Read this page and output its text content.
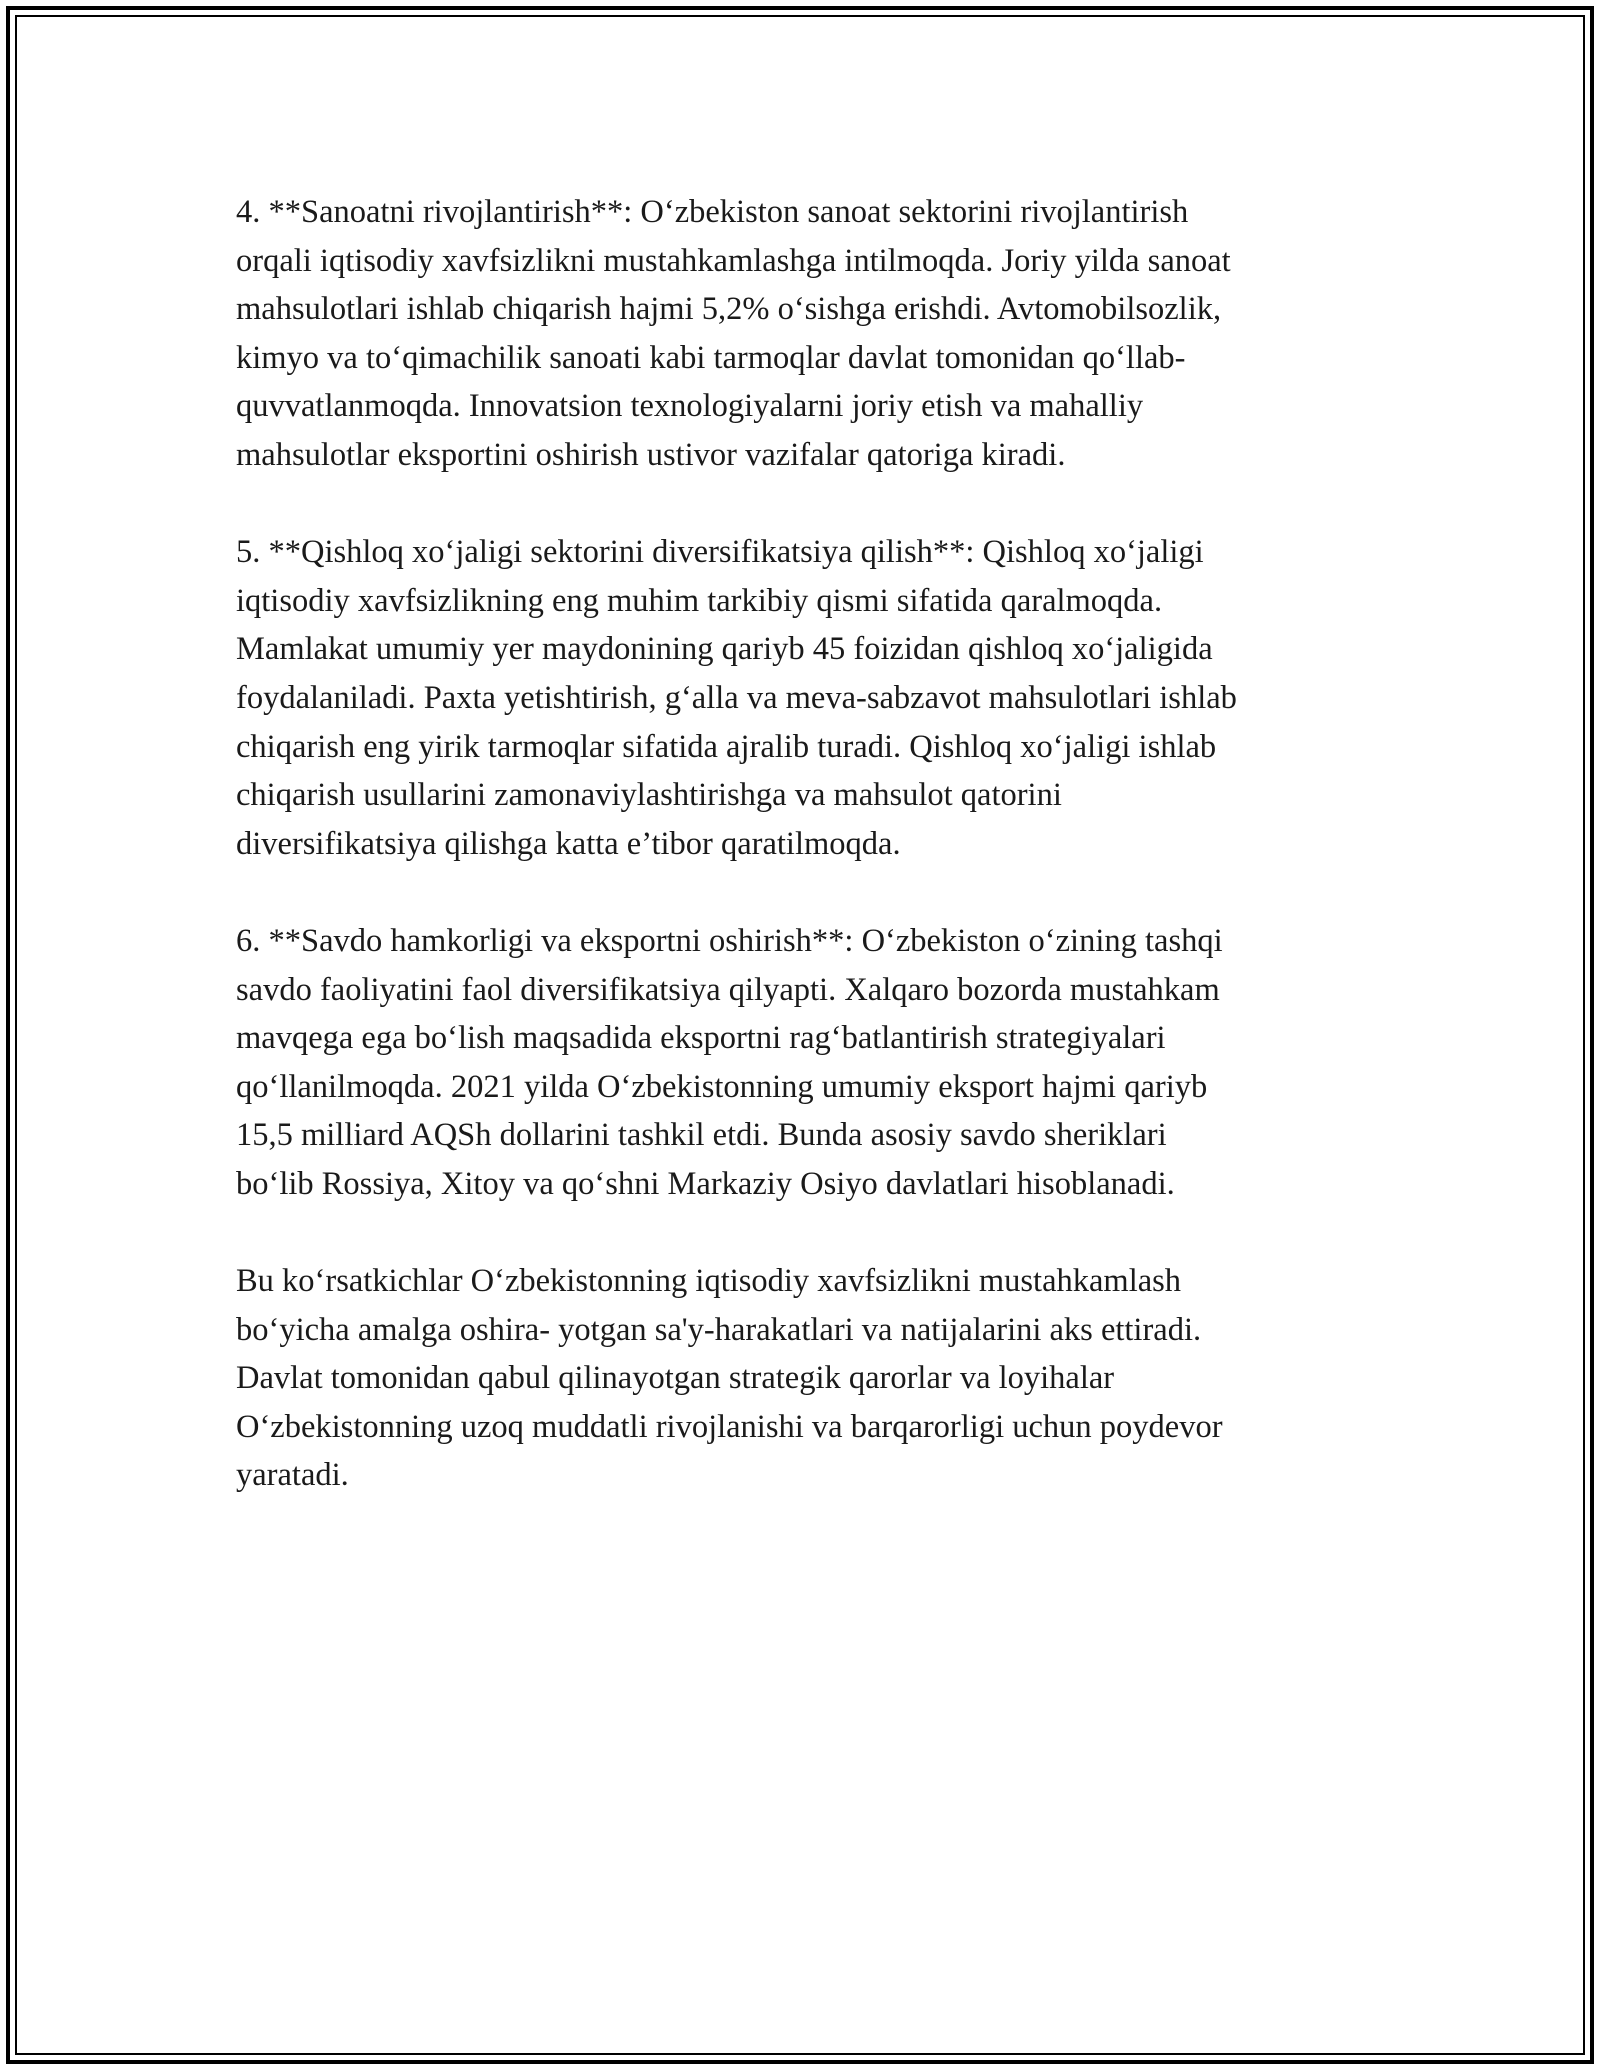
4. **Sanoatni rivojlantirish**: O‘zbekiston sanoat sektorini rivojlantirish
orqali iqtisodiy xavfsizlikni mustahkamlashga intilmoqda. Joriy yilda sanoat
mahsulotlari ishlab chiqarish hajmi 5,2% o‘sishga erishdi. Avtomobilsozlik,
kimyo va to‘qimachilik sanoati kabi tarmoqlar davlat tomonidan qo‘llab-
quvvatlanmoqda. Innovatsion texnologiyalarni joriy etish va mahalliy
mahsulotlar eksportini oshirish ustivor vazifalar qatoriga kiradi.

5. **Qishloq xo‘jaligi sektorini diversifikatsiya qilish**: Qishloq xo‘jaligi
iqtisodiy xavfsizlikning eng muhim tarkibiy qismi sifatida qaralmoqda.
Mamlakat umumiy yer maydonining qariyb 45 foizidan qishloq xo‘jaligida
foydalaniladi. Paxta yetishtirish, g‘alla va meva-sabzavot mahsulotlari ishlab
chiqarish eng yirik tarmoqlar sifatida ajralib turadi. Qishloq xo‘jaligi ishlab
chiqarish usullarini zamonaviylashtirishga va mahsulot qatorini
diversifikatsiya qilishga katta e’tibor qaratilmoqda.

6. **Savdo hamkorligi va eksportni oshirish**: O‘zbekiston o‘zining tashqi
savdo faoliyatini faol diversifikatsiya qilyapti. Xalqaro bozorda mustahkam
mavqega ega bo‘lish maqsadida eksportni rag‘batlantirish strategiyalari
qo‘llanilmoqda. 2021 yilda O‘zbekistonning umumiy eksport hajmi qariyb
15,5 milliard AQSh dollarini tashkil etdi. Bunda asosiy savdo sheriklari
bo‘lib Rossiya, Xitoy va qo‘shni Markaziy Osiyo davlatlari hisoblanadi.

Bu ko‘rsatkichlar O‘zbekistonning iqtisodiy xavfsizlikni mustahkamlash
bo‘yicha amalga oshira- yotgan sa'y-harakatlari va natijalarini aks ettiradi.
Davlat tomonidan qabul qilinayotgan strategik qarorlar va loyihalar
O‘zbekistonning uzoq muddatli rivojlanishi va barqarorligi uchun poydevor
yaratadi.
